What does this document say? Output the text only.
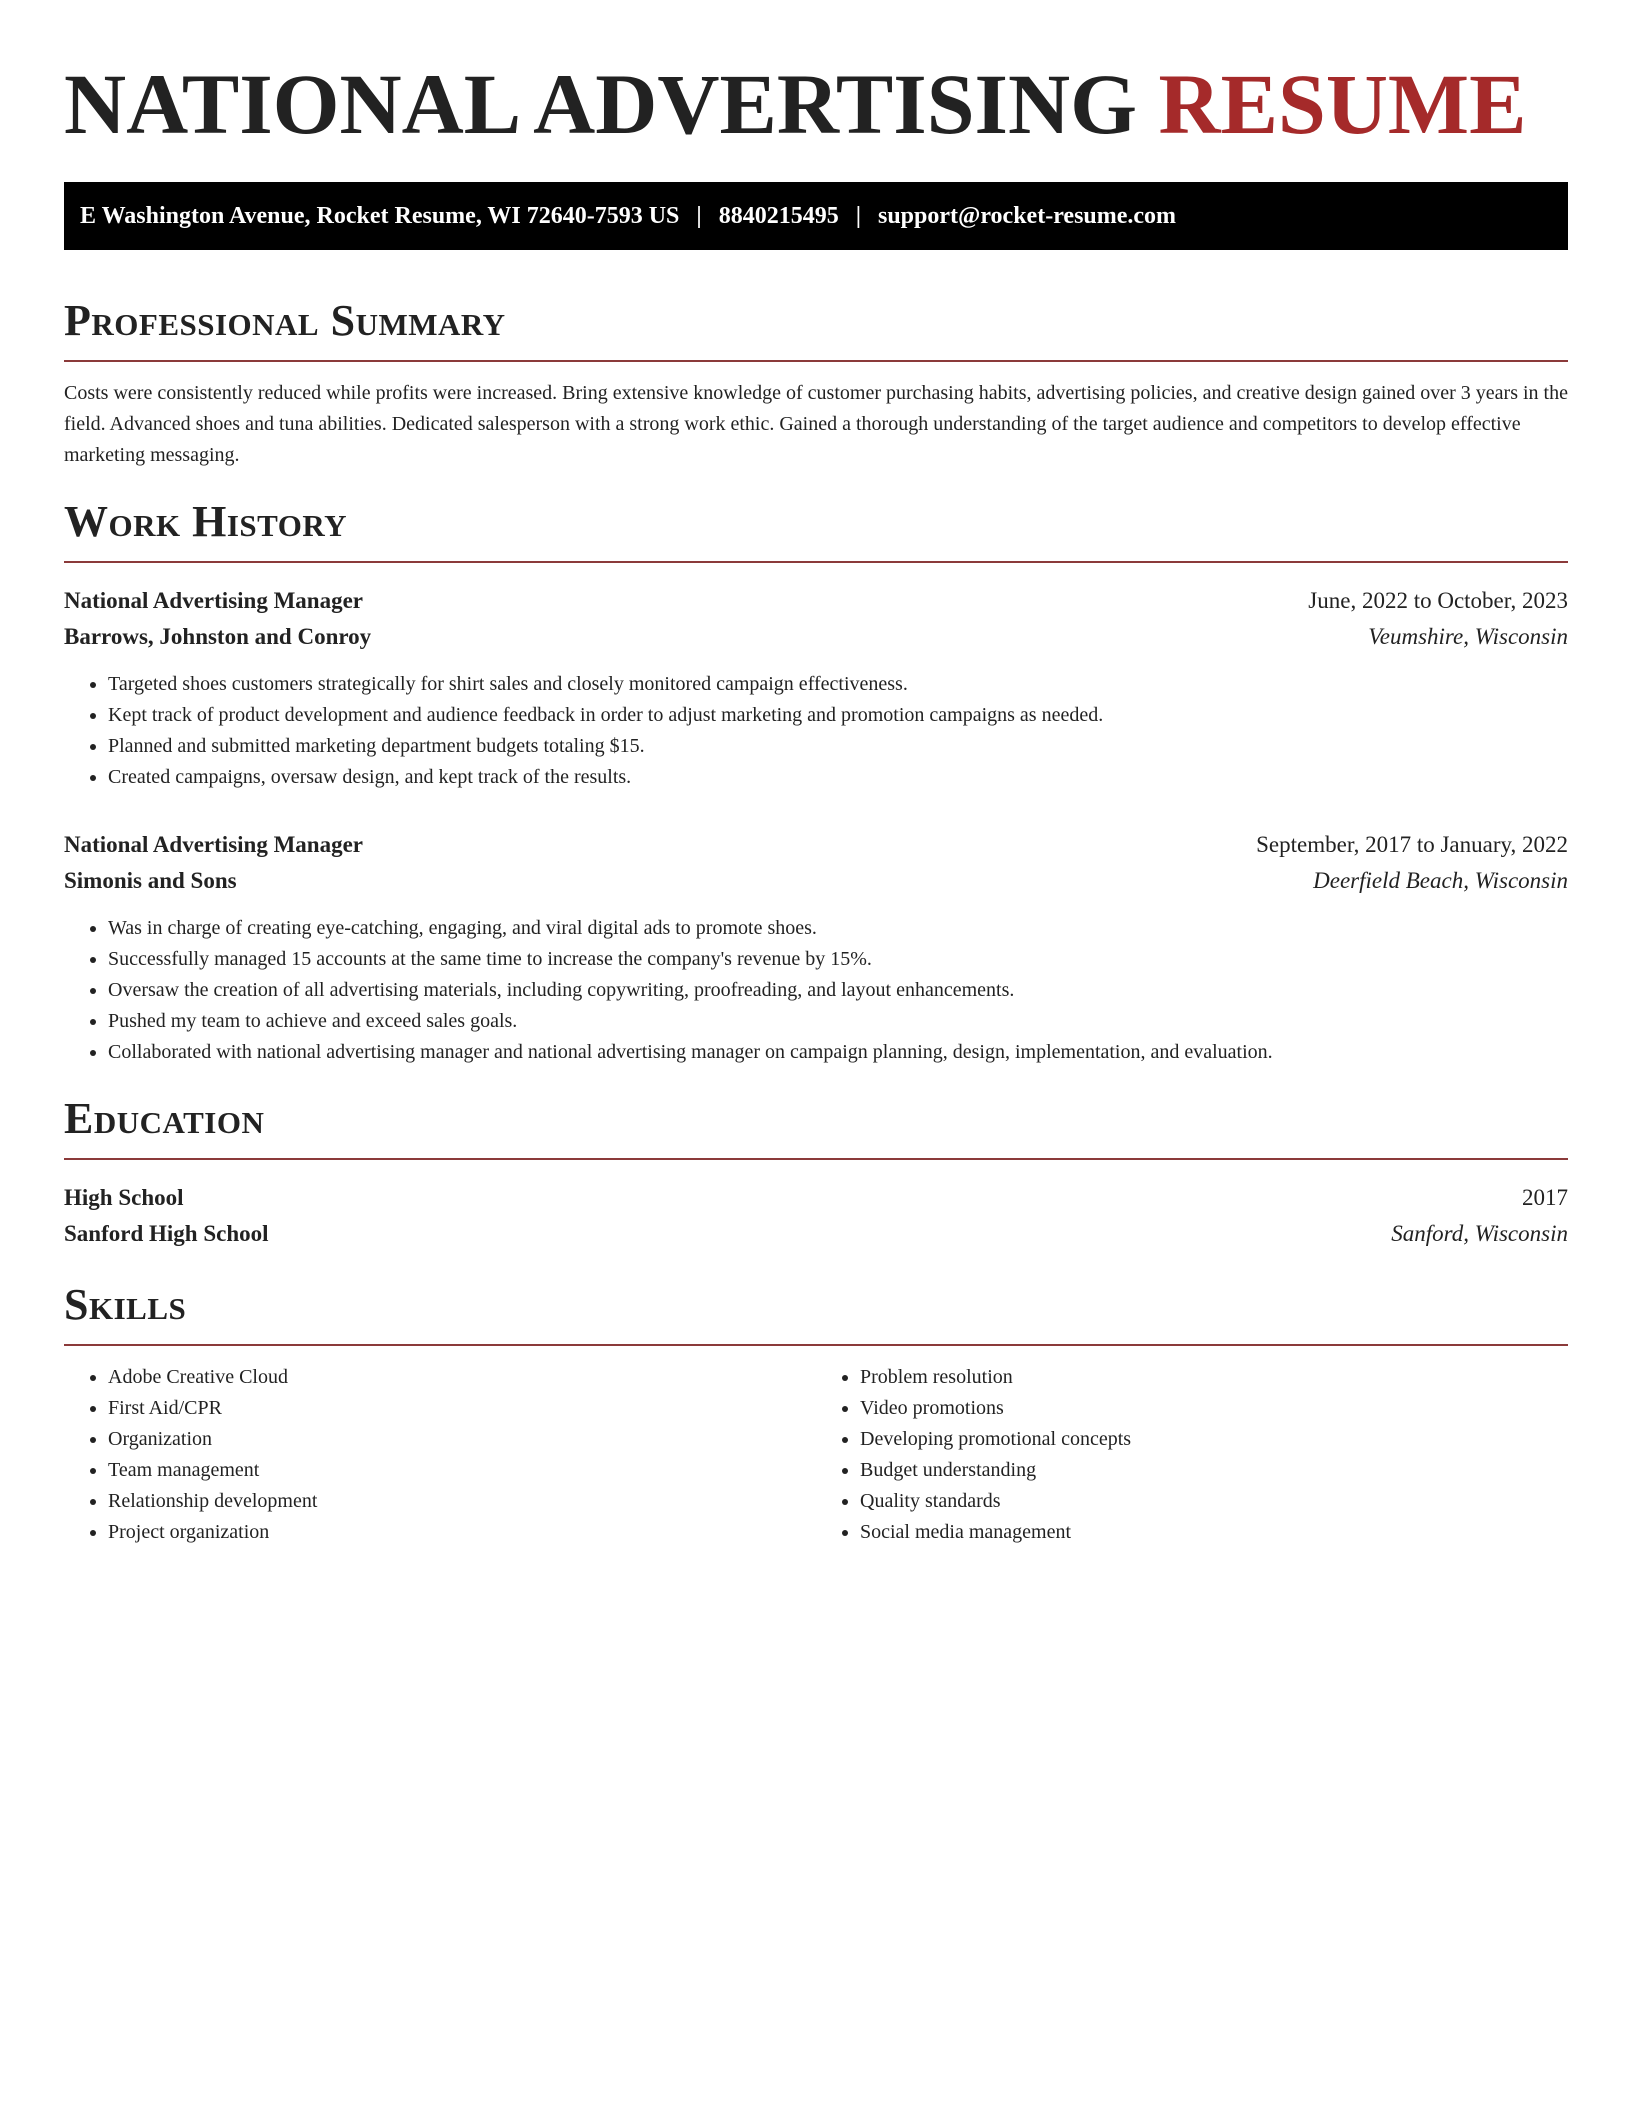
NATIONAL ADVERTISING RESUME
E Washington Avenue, Rocket Resume, WI 72640-7593 US | 8840215495 | support@rocket-resume.com
Professional Summary

Costs were consistently reduced while profits were increased. Bring extensive knowledge of customer purchasing habits, advertising policies, and creative design gained over 3 years in the field. Advanced shoes and tuna abilities. Dedicated salesperson with a strong work ethic. Gained a thorough understanding of the target audience and competitors to develop effective marketing messaging.

Work History
National Advertising Manager	June, 2022 to October, 2023
Barrows, Johnston and Conroy	Veumshire, Wisconsin
• Targeted shoes customers strategically for shirt sales and closely monitored campaign effectiveness.
• Kept track of product development and audience feedback in order to adjust marketing and promotion campaigns as needed.
• Planned and submitted marketing department budgets totaling $15.
• Created campaigns, oversaw design, and kept track of the results.
National Advertising Manager	September, 2017 to January, 2022
Simonis and Sons	Deerfield Beach, Wisconsin
• Was in charge of creating eye-catching, engaging, and viral digital ads to promote shoes.
• Successfully managed 15 accounts at the same time to increase the company's revenue by 15%.
• Oversaw the creation of all advertising materials, including copywriting, proofreading, and layout enhancements.
• Pushed my team to achieve and exceed sales goals.
• Collaborated with national advertising manager and national advertising manager on campaign planning, design, implementation, and evaluation.
Education
High School	2017
Sanford High School	Sanford, Wisconsin
Skills
• Adobe Creative Cloud
• First Aid/CPR
• Organization
• Team management
• Relationship development
• Project organization
• Problem resolution
• Video promotions
• Developing promotional concepts
• Budget understanding
• Quality standards
• Social media management
